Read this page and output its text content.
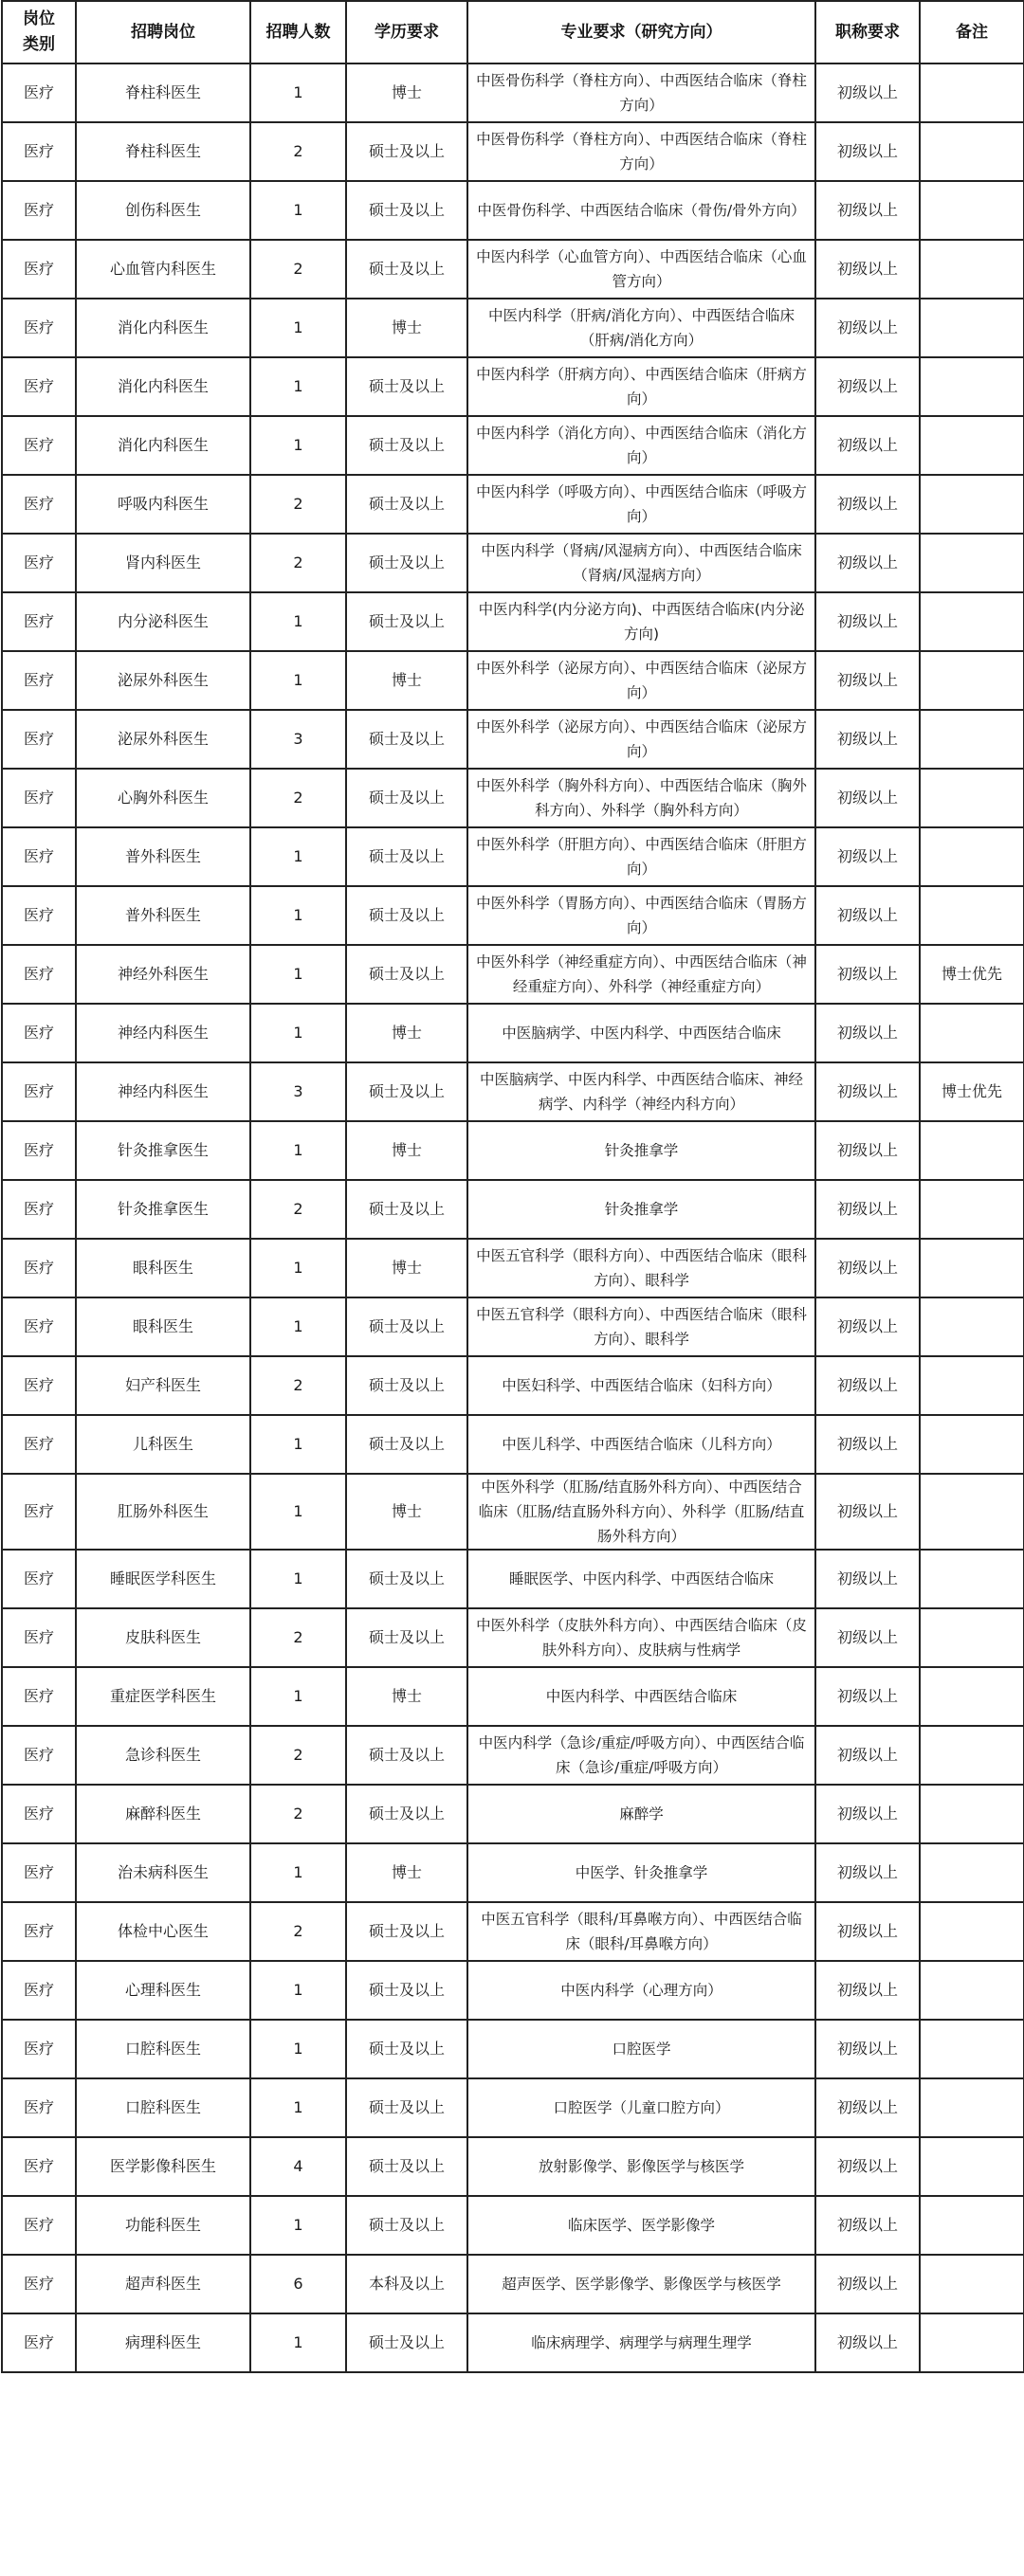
岗位
类别	招聘岗位	招聘人数	学历要求	专业要求（研究方向）	职称要求	备注
医疗	脊柱科医生	1	博士	中医骨伤科学（脊柱方向）、中西医结合临床（脊柱方向）	初级以上	
医疗	脊柱科医生	2	硕士及以上	中医骨伤科学（脊柱方向）、中西医结合临床（脊柱方向）	初级以上	
医疗	创伤科医生	1	硕士及以上	中医骨伤科学、中西医结合临床（骨伤/骨外方向）	初级以上	
医疗	心血管内科医生	2	硕士及以上	中医内科学（心血管方向）、中西医结合临床（心血管方向）	初级以上	
医疗	消化内科医生	1	博士	中医内科学（肝病/消化方向）、中西医结合临床（肝病/消化方向）	初级以上	
医疗	消化内科医生	1	硕士及以上	中医内科学（肝病方向）、中西医结合临床（肝病方向）	初级以上	
医疗	消化内科医生	1	硕士及以上	中医内科学（消化方向）、中西医结合临床（消化方向）	初级以上	
医疗	呼吸内科医生	2	硕士及以上	中医内科学（呼吸方向）、中西医结合临床（呼吸方向）	初级以上	
医疗	肾内科医生	2	硕士及以上	中医内科学（肾病/风湿病方向）、中西医结合临床（肾病/风湿病方向）	初级以上	
医疗	内分泌科医生	1	硕士及以上	中医内科学(内分泌方向)、中西医结合临床(内分泌方向)	初级以上	
医疗	泌尿外科医生	1	博士	中医外科学（泌尿方向）、中西医结合临床（泌尿方向）	初级以上	
医疗	泌尿外科医生	3	硕士及以上	中医外科学（泌尿方向）、中西医结合临床（泌尿方向）	初级以上	
医疗	心胸外科医生	2	硕士及以上	中医外科学（胸外科方向）、中西医结合临床（胸外科方向）、外科学（胸外科方向）	初级以上	
医疗	普外科医生	1	硕士及以上	中医外科学（肝胆方向）、中西医结合临床（肝胆方向）	初级以上	
医疗	普外科医生	1	硕士及以上	中医外科学（胃肠方向）、中西医结合临床（胃肠方向）	初级以上	
医疗	神经外科医生	1	硕士及以上	中医外科学（神经重症方向）、中西医结合临床（神经重症方向）、外科学（神经重症方向）	初级以上	博士优先
医疗	神经内科医生	1	博士	中医脑病学、中医内科学、中西医结合临床	初级以上	
医疗	神经内科医生	3	硕士及以上	中医脑病学、中医内科学、中西医结合临床、神经病学、内科学（神经内科方向）	初级以上	博士优先
医疗	针灸推拿医生	1	博士	针灸推拿学	初级以上	
医疗	针灸推拿医生	2	硕士及以上	针灸推拿学	初级以上	
医疗	眼科医生	1	博士	中医五官科学（眼科方向）、中西医结合临床（眼科方向）、眼科学	初级以上	
医疗	眼科医生	1	硕士及以上	中医五官科学（眼科方向）、中西医结合临床（眼科方向）、眼科学	初级以上	
医疗	妇产科医生	2	硕士及以上	中医妇科学、中西医结合临床（妇科方向）	初级以上	
医疗	儿科医生	1	硕士及以上	中医儿科学、中西医结合临床（儿科方向）	初级以上	
医疗	肛肠外科医生	1	博士	中医外科学（肛肠/结直肠外科方向）、中西医结合临床（肛肠/结直肠外科方向）、外科学（肛肠/结直肠外科方向）	初级以上	
医疗	睡眠医学科医生	1	硕士及以上	睡眠医学、中医内科学、中西医结合临床	初级以上	
医疗	皮肤科医生	2	硕士及以上	中医外科学（皮肤外科方向）、中西医结合临床（皮肤外科方向）、皮肤病与性病学	初级以上	
医疗	重症医学科医生	1	博士	中医内科学、中西医结合临床	初级以上	
医疗	急诊科医生	2	硕士及以上	中医内科学（急诊/重症/呼吸方向）、中西医结合临床（急诊/重症/呼吸方向）	初级以上	
医疗	麻醉科医生	2	硕士及以上	麻醉学	初级以上	
医疗	治未病科医生	1	博士	中医学、针灸推拿学	初级以上	
医疗	体检中心医生	2	硕士及以上	中医五官科学（眼科/耳鼻喉方向）、中西医结合临床（眼科/耳鼻喉方向）	初级以上	
医疗	心理科医生	1	硕士及以上	中医内科学（心理方向）	初级以上	
医疗	口腔科医生	1	硕士及以上	口腔医学	初级以上	
医疗	口腔科医生	1	硕士及以上	口腔医学（儿童口腔方向）	初级以上	
医疗	医学影像科医生	4	硕士及以上	放射影像学、影像医学与核医学	初级以上	
医疗	功能科医生	1	硕士及以上	临床医学、医学影像学	初级以上	
医疗	超声科医生	6	本科及以上	超声医学、医学影像学、影像医学与核医学	初级以上	
医疗	病理科医生	1	硕士及以上	临床病理学、病理学与病理生理学	初级以上	
